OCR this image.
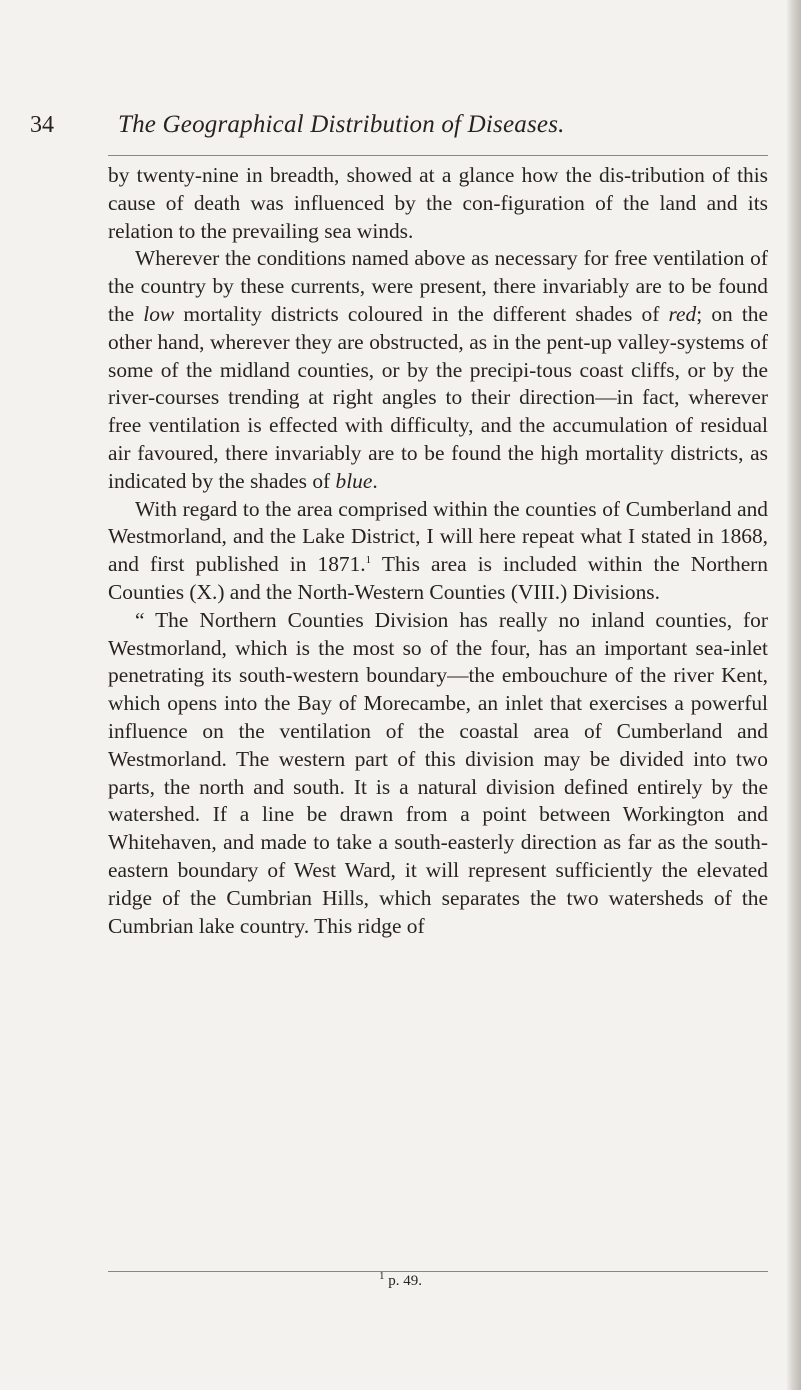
34	The Geographical Distribution of Diseases.

by twenty-nine in breadth, showed at a glance how the dis-tribution of this cause of death was influenced by the con-figuration of the land and its relation to the prevailing sea winds.

Wherever the conditions named above as necessary for free ventilation of the country by these currents, were present, there invariably are to be found the low mortality districts coloured in the different shades of red; on the other hand, wherever they are obstructed, as in the pent-up valley-systems of some of the midland counties, or by the precipi-tous coast cliffs, or by the river-courses trending at right angles to their direction—in fact, wherever free ventilation is effected with difficulty, and the accumulation of residual air favoured, there invariably are to be found the high mortality districts, as indicated by the shades of blue.

With regard to the area comprised within the counties of Cumberland and Westmorland, and the Lake District, I will here repeat what I stated in 1868, and first published in 1871.$^1$ This area is included within the Northern Counties (X.) and the North-Western Counties (VIII.) Divisions.

“ The Northern Counties Division has really no inland counties, for Westmorland, which is the most so of the four, has an important sea-inlet penetrating its south-western boundary—the embouchure of the river Kent, which opens into the Bay of Morecambe, an inlet that exercises a powerful influence on the ventilation of the coastal area of Cumberland and Westmorland. The western part of this division may be divided into two parts, the north and south. It is a natural division defined entirely by the watershed. If a line be drawn from a point between Workington and Whitehaven, and made to take a south-easterly direction as far as the south-eastern boundary of West Ward, it will represent sufficiently the elevated ridge of the Cumbrian Hills, which separates the two watersheds of the Cumbrian lake country. This ridge of

$^1$ p. 49.
